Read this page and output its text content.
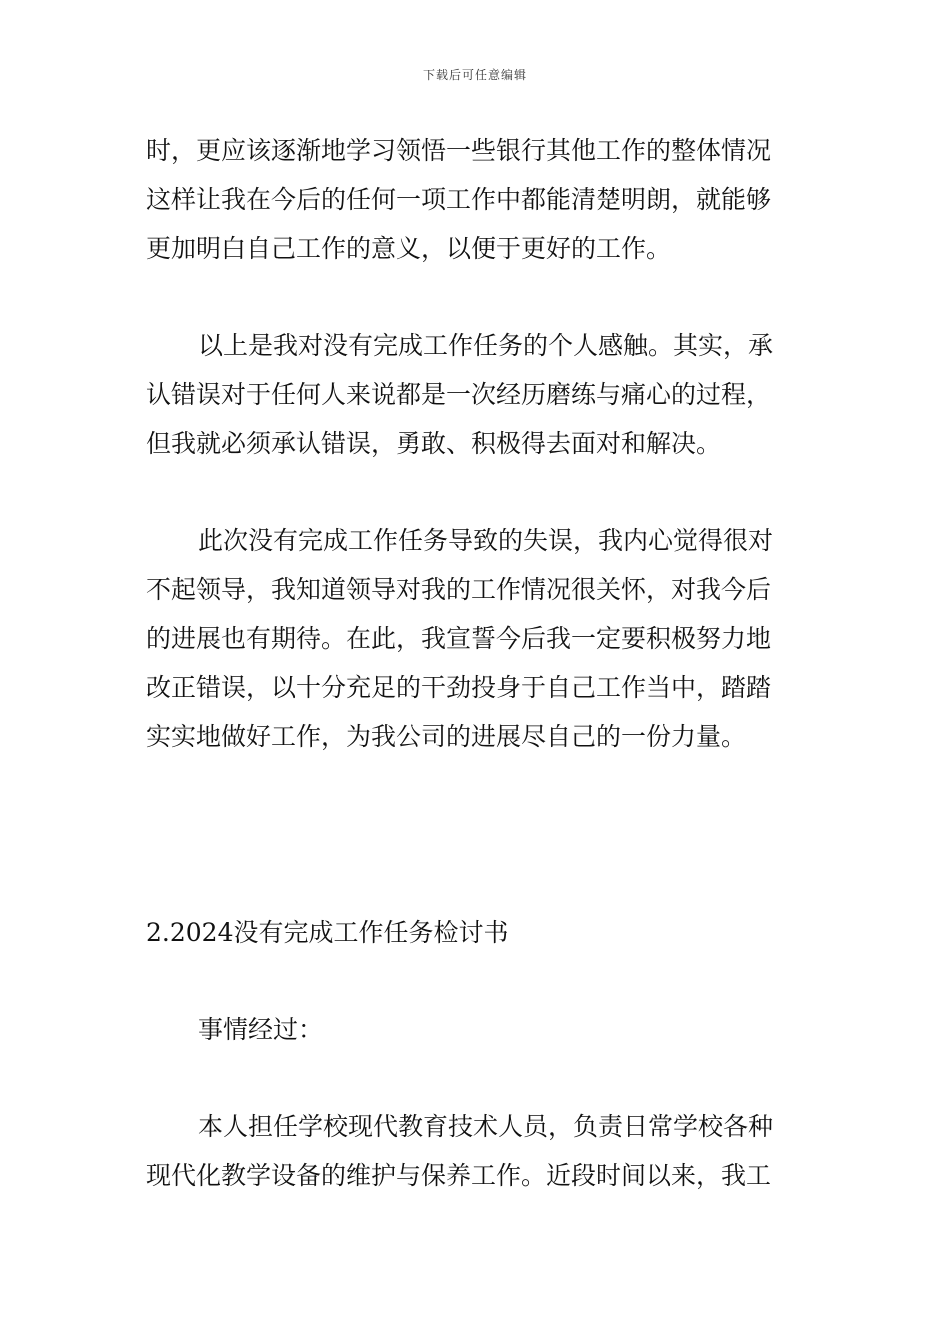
下载后可任意编辑
时，更应该逐渐地学习领悟一些银行其他工作的整体情况
这样让我在今后的任何一项工作中都能清楚明朗，就能够
更加明白自己工作的意义，以便于更好的工作。
以上是我对没有完成工作任务的个人感触。其实，承
认错误对于任何人来说都是一次经历磨练与痛心的过程，
但我就必须承认错误，勇敢、积极得去面对和解决。
此次没有完成工作任务导致的失误，我内心觉得很对
不起领导，我知道领导对我的工作情况很关怀，对我今后
的进展也有期待。在此，我宣誓今后我一定要积极努力地
改正错误，以十分充足的干劲投身于自己工作当中，踏踏
实实地做好工作，为我公司的进展尽自己的一份力量。
2.2024没有完成工作任务检讨书
事情经过：
本人担任学校现代教育技术人员，负责日常学校各种
现代化教学设备的维护与保养工作。近段时间以来，我工
